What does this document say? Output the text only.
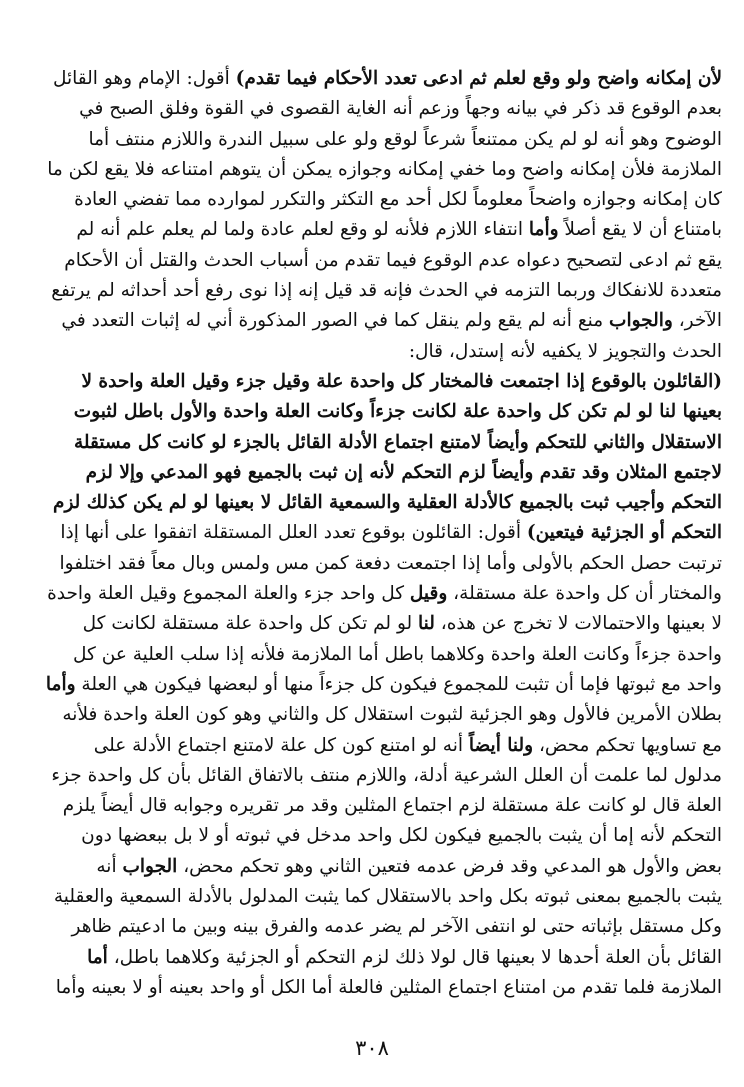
لأن إمكانه واضح ولو وقع لعلم ثم ادعى تعدد الأحكام فيما تقدم) أقول: الإمام وهو القائل
بعدم الوقوع قد ذكر في بيانه وجهاً وزعم أنه الغاية القصوى في القوة وفلق الصبح في
الوضوح وهو أنه لو لم يكن ممتنعاً شرعاً لوقع ولو على سبيل الندرة واللازم منتف أما
الملازمة فلأن إمكانه واضح وما خفي إمكانه وجوازه يمكن أن يتوهم امتناعه فلا يقع لكن ما
كان إمكانه وجوازه واضحاً معلوماً لكل أحد مع التكثر والتكرر لموارده مما تفضي العادة
بامتناع أن لا يقع أصلاً وأما انتفاء اللازم فلأنه لو وقع لعلم عادة ولما لم يعلم علم أنه لم
يقع ثم ادعى لتصحيح دعواه عدم الوقوع فيما تقدم من أسباب الحدث والقتل أن الأحكام
متعددة للانفكاك وربما التزمه في الحدث فإنه قد قيل إنه إذا نوى رفع أحد أحداثه لم يرتفع
الآخر، والجواب منع أنه لم يقع ولم ينقل كما في الصور المذكورة أني له إثبات التعدد في
الحدث والتجويز لا يكفيه لأنه إستدل، قال:
(القائلون بالوقوع إذا اجتمعت فالمختار كل واحدة علة وقيل جزء وقيل العلة واحدة لا
بعينها لنا لو لم تكن كل واحدة علة لكانت جزءاً وكانت العلة واحدة والأول باطل لثبوت
الاستقلال والثاني للتحكم وأيضاً لامتنع اجتماع الأدلة القائل بالجزء لو كانت كل مستقلة
لاجتمع المثلان وقد تقدم وأيضاً لزم التحكم لأنه إن ثبت بالجميع فهو المدعي وإلا لزم
التحكم وأجيب ثبت بالجميع كالأدلة العقلية والسمعية القائل لا بعينها لو لم يكن كذلك لزم
التحكم أو الجزئية فيتعين) أقول: القائلون بوقوع تعدد العلل المستقلة اتفقوا على أنها إذا
ترتبت حصل الحكم بالأولى وأما إذا اجتمعت دفعة كمن مس ولمس وبال معاً فقد اختلفوا
والمختار أن كل واحدة علة مستقلة، وقيل كل واحد جزء والعلة المجموع وقيل العلة واحدة
لا بعينها والاحتمالات لا تخرج عن هذه، لنا لو لم تكن كل واحدة علة مستقلة لكانت كل
واحدة جزءاً وكانت العلة واحدة وكلاهما باطل أما الملازمة فلأنه إذا سلب العلية عن كل
واحد مع ثبوتها فإما أن تثبت للمجموع فيكون كل جزءاً منها أو لبعضها فيكون هي العلة وأما
بطلان الأمرين فالأول وهو الجزئية لثبوت استقلال كل والثاني وهو كون العلة واحدة فلأنه
مع تساويها تحكم محض، ولنا أيضاً أنه لو امتنع كون كل علة لامتنع اجتماع الأدلة على
مدلول لما علمت أن العلل الشرعية أدلة، واللازم منتف بالاتفاق القائل بأن كل واحدة جزء
العلة قال لو كانت علة مستقلة لزم اجتماع المثلين وقد مر تقريره وجوابه قال أيضاً يلزم
التحكم لأنه إما أن يثبت بالجميع فيكون لكل واحد مدخل في ثبوته أو لا بل ببعضها دون
بعض والأول هو المدعي وقد فرض عدمه فتعين الثاني وهو تحكم محض، الجواب أنه
يثبت بالجميع بمعنى ثبوته بكل واحد بالاستقلال كما يثبت المدلول بالأدلة السمعية والعقلية
وكل مستقل بإثباته حتى لو انتفى الآخر لم يضر عدمه والفرق بينه وبين ما ادعيتم ظاهر
القائل بأن العلة أحدها لا بعينها قال لولا ذلك لزم التحكم أو الجزئية وكلاهما باطل، أما
الملازمة فلما تقدم من امتناع اجتماع المثلين فالعلة أما الكل أو واحد بعينه أو لا بعينه وأما
٣٠٨
